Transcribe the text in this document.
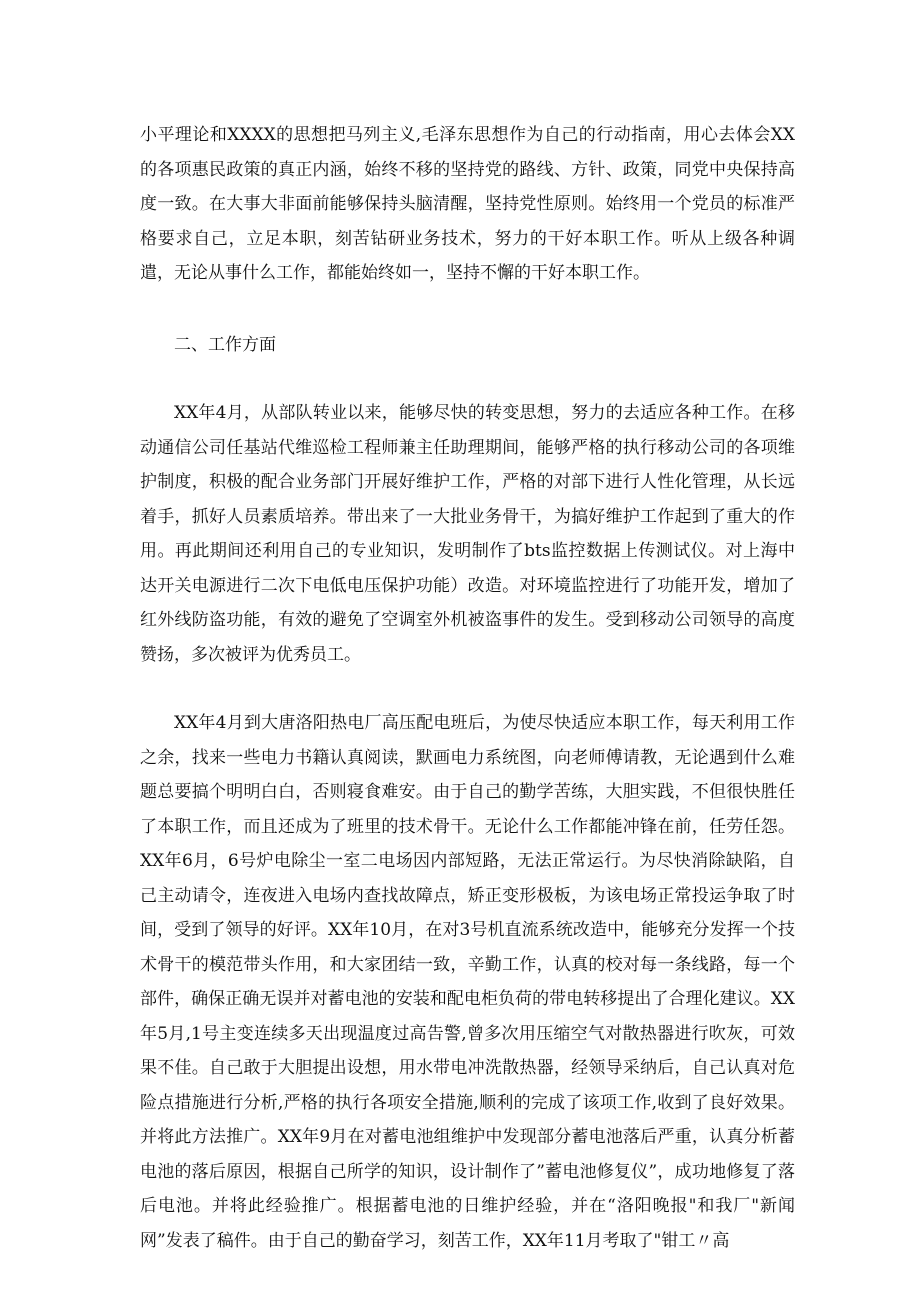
小平理论和XXXX的思想把马列主义,毛泽东思想作为自己的行动指南，用心去体会XX的各项惠民政策的真正内涵，始终不移的坚持党的路线、方针、政策，同党中央保持高度一致。在大事大非面前能够保持头脑清醒，坚持党性原则。始终用一个党员的标准严格要求自己，立足本职，刻苦钻研业务技术，努力的干好本职工作。听从上级各种调遣，无论从事什么工作，都能始终如一，坚持不懈的干好本职工作。

二、工作方面

XX年4月，从部队转业以来，能够尽快的转变思想，努力的去适应各种工作。在移动通信公司任基站代维巡检工程师兼主任助理期间，能够严格的执行移动公司的各项维护制度，积极的配合业务部门开展好维护工作，严格的对部下进行人性化管理，从长远着手，抓好人员素质培养。带出来了一大批业务骨干，为搞好维护工作起到了重大的作用。再此期间还利用自己的专业知识，发明制作了bts监控数据上传测试仪。对上海中达开关电源进行二次下电低电压保护功能）改造。对环境监控进行了功能开发，增加了红外线防盗功能，有效的避免了空调室外机被盗事件的发生。受到移动公司领导的高度赞扬，多次被评为优秀员工。

XX年4月到大唐洛阳热电厂高压配电班后，为使尽快适应本职工作，每天利用工作之余，找来一些电力书籍认真阅读，默画电力系统图，向老师傅请教，无论遇到什么难题总要搞个明明白白，否则寝食难安。由于自己的勤学苦练，大胆实践，不但很快胜任了本职工作，而且还成为了班里的技术骨干。无论什么工作都能冲锋在前，任劳任怨。XX年6月，6号炉电除尘一室二电场因内部短路，无法正常运行。为尽快消除缺陷，自己主动请令，连夜进入电场内查找故障点，矫正变形极板，为该电场正常投运争取了时间，受到了领导的好评。XX年10月，在对3号机直流系统改造中，能够充分发挥一个技术骨干的模范带头作用，和大家团结一致，辛勤工作，认真的校对每一条线路，每一个部件，确保正确无误并对蓄电池的安装和配电柜负荷的带电转移提出了合理化建议。XX年5月,1号主变连续多天出现温度过高告警,曾多次用压缩空气对散热器进行吹灰，可效果不佳。自己敢于大胆提出设想，用水带电冲洗散热器，经领导采纳后，自己认真对危险点措施进行分析,严格的执行各项安全措施,顺利的完成了该项工作,收到了良好效果。并将此方法推广。XX年9月在对蓄电池组维护中发现部分蓄电池落后严重，认真分析蓄电池的落后原因，根据自己所学的知识，设计制作了”蓄电池修复仪”，成功地修复了落后电池。并将此经验推广。根据蓄电池的日维护经验，并在“洛阳晚报"和我厂"新闻网”发表了稿件。由于自己的勤奋学习，刻苦工作，XX年11月考取了"钳工〃高
